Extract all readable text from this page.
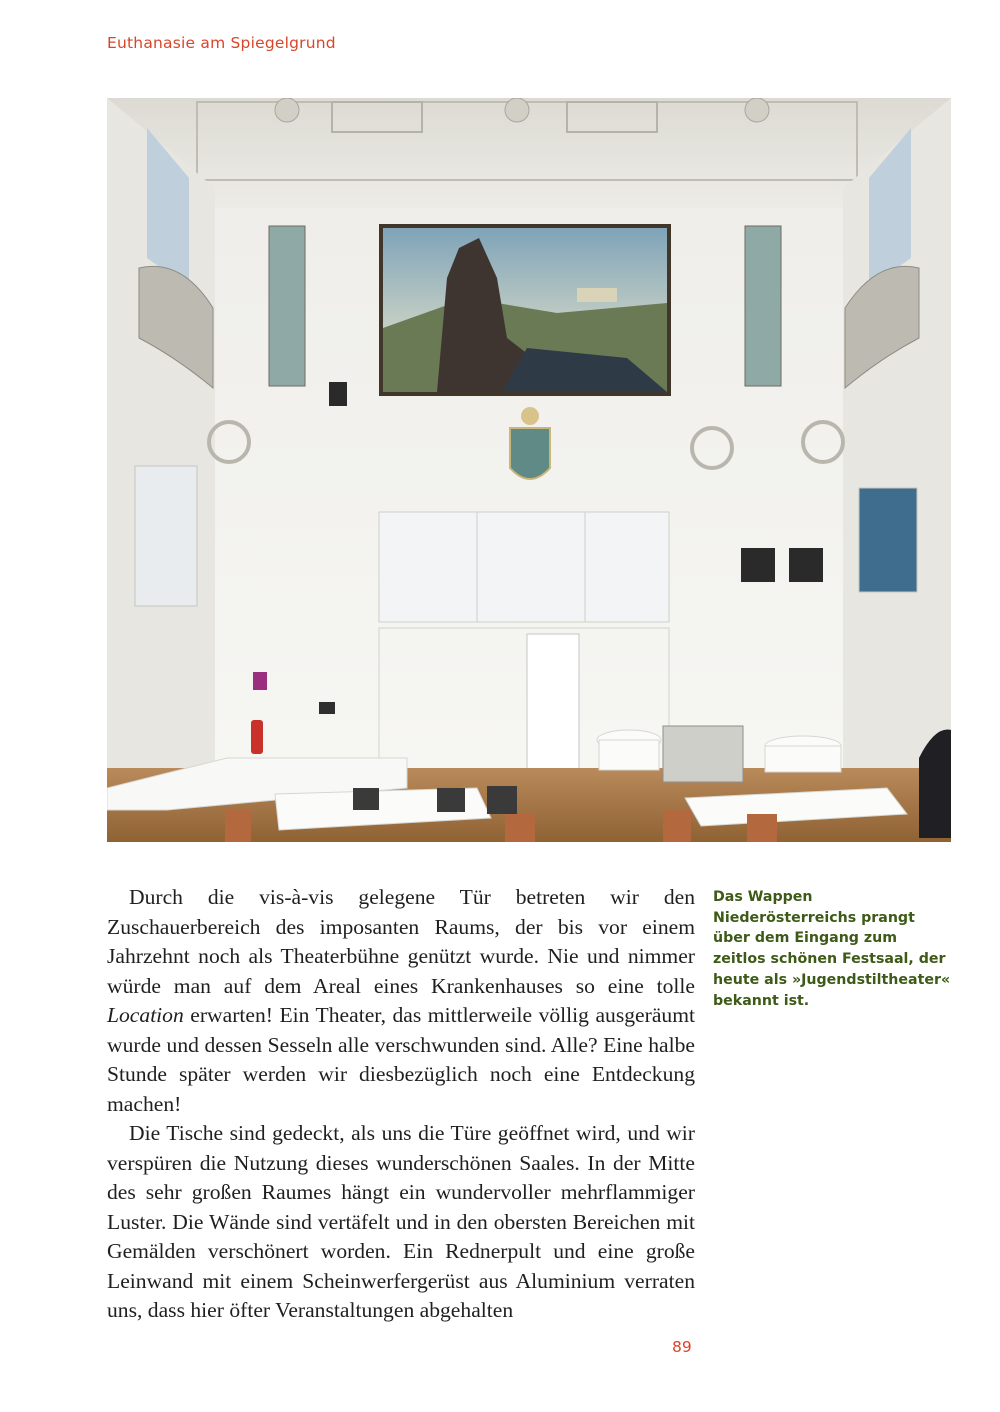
Euthanasie am Spiegelgrund

Durch die vis-à-vis gelegene Tür betreten wir den Zuschauerbereich des imposanten Raums, der bis vor einem Jahrzehnt noch als Theaterbühne genützt wurde. Nie und nimmer würde man auf dem Areal eines Krankenhauses so eine tolle Location erwarten! Ein Theater, das mittlerweile völlig ausgeräumt wurde und dessen Sesseln alle verschwunden sind. Alle? Eine halbe Stunde später werden wir diesbezüglich noch eine Entdeckung machen!

Die Tische sind gedeckt, als uns die Türe geöffnet wird, und wir verspüren die Nutzung dieses wunderschönen Saales. In der Mitte des sehr großen Raumes hängt ein wundervoller mehrflammiger Luster. Die Wände sind vertäfelt und in den obersten Bereichen mit Gemälden verschönert worden. Ein Rednerpult und eine große Leinwand mit einem Scheinwerfergerüst aus Aluminium verraten uns, dass hier öfter Veranstaltungen abgehalten

Das Wappen Niederösterreichs prangt über dem Eingang zum zeitlos schönen Festsaal, der heute als »Jugendstiltheater« bekannt ist.
89
